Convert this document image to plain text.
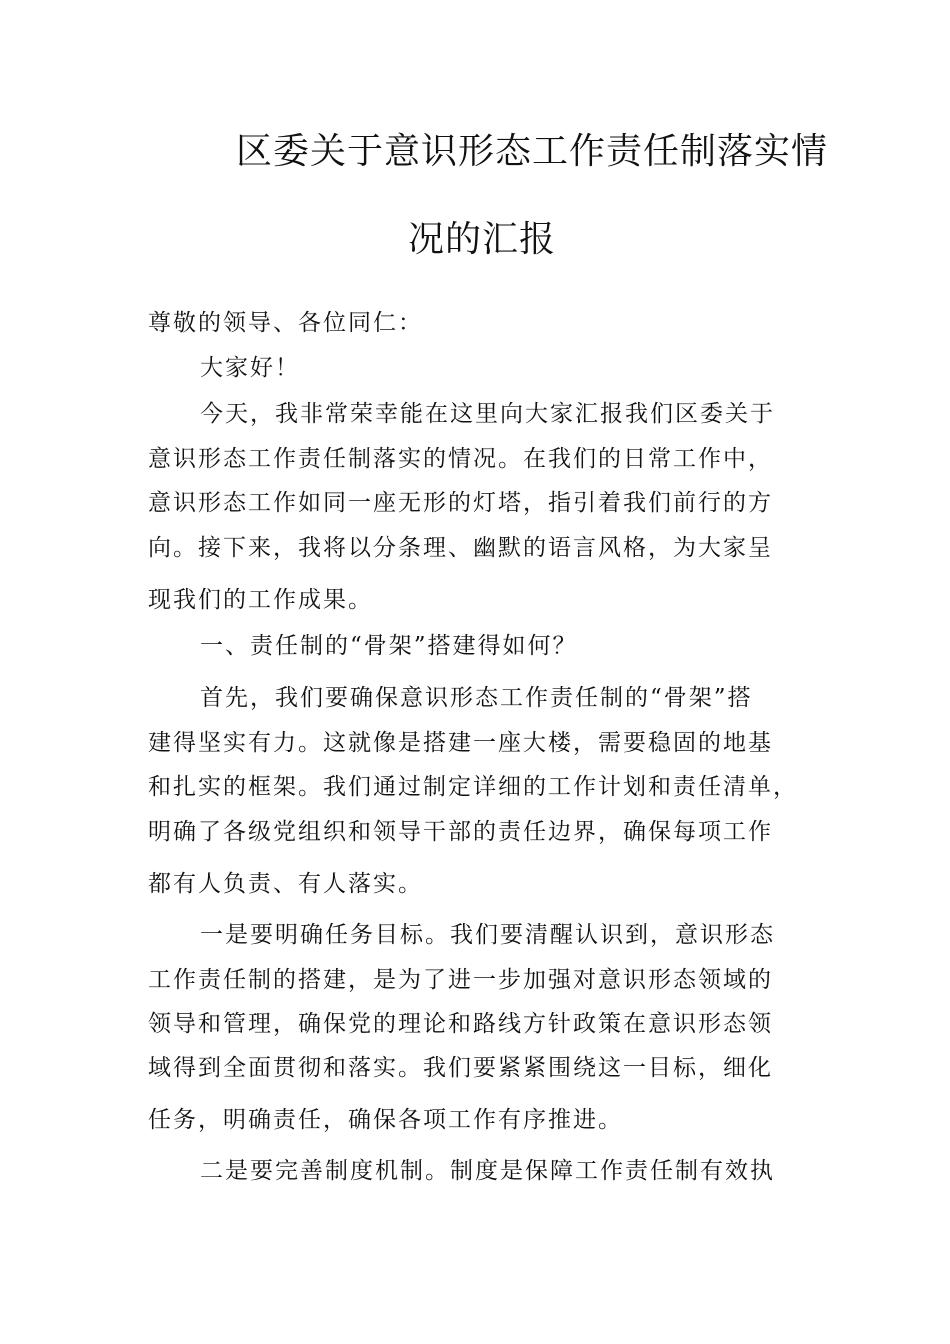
区委关于意识形态工作责任制落实情
况的汇报

尊敬的领导、各位同仁：

大家好！

今天，我非常荣幸能在这里向大家汇报我们区委关于

意识形态工作责任制落实的情况。在我们的日常工作中，

意识形态工作如同一座无形的灯塔，指引着我们前行的方

向。接下来，我将以分条理、幽默的语言风格，为大家呈

现我们的工作成果。

一、责任制的“骨架”搭建得如何？

首先，我们要确保意识形态工作责任制的“骨架”搭

建得坚实有力。这就像是搭建一座大楼，需要稳固的地基

和扎实的框架。我们通过制定详细的工作计划和责任清单，

明确了各级党组织和领导干部的责任边界，确保每项工作

都有人负责、有人落实。

一是要明确任务目标。我们要清醒认识到，意识形态

工作责任制的搭建，是为了进一步加强对意识形态领域的

领导和管理，确保党的理论和路线方针政策在意识形态领

域得到全面贯彻和落实。我们要紧紧围绕这一目标，细化

任务，明确责任，确保各项工作有序推进。

二是要完善制度机制。制度是保障工作责任制有效执
